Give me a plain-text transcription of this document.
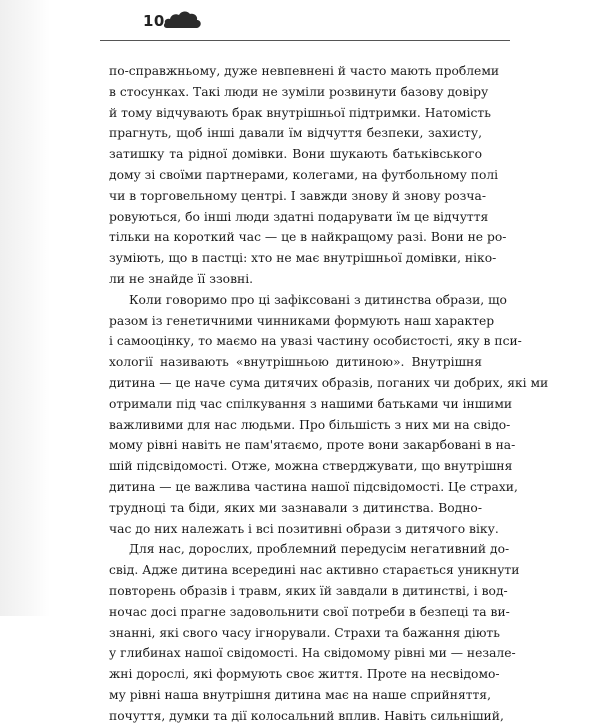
10

по-справжньому, дуже невпевнені й часто мають проблеми
в стосунках. Такі люди не зуміли розвинути базову довіру
й тому відчувають брак внутрішньої підтримки. Натомість
прагнуть, щоб інші давали їм відчуття безпеки, захисту,
затишку та рідної домівки. Вони шукають батьківського
дому зі своїми партнерами, колегами, на футбольному полі
чи в торговельному центрі. І завжди знову й знову розча-
ровуються, бо інші люди здатні подарувати їм це відчуття
тільки на короткий час — це в найкращому разі. Вони не ро-
зуміють, що в пастці: хто не має внутрішньої домівки, ніко-
ли не знайде її ззовні.

Коли говоримо про ці зафіксовані з дитинства образи, що
разом із генетичними чинниками формують наш характер
і самооцінку, то маємо на увазі частину особистості, яку в пси-
хології називають «внутрішньою дитиною». Внутрішня
дитина — це наче сума дитячих образів, поганих чи добрих, які ми
отримали під час спілкування з нашими батьками чи іншими
важливими для нас людьми. Про більшість з них ми на свідо-
мому рівні навіть не пам'ятаємо, проте вони закарбовані в на-
шій підсвідомості. Отже, можна стверджувати, що внутрішня
дитина — це важлива частина нашої підсвідомості. Це страхи,
трудноці та біди, яких ми зазнавали з дитинства. Водно-
час до них належать і всі позитивні образи з дитячого віку.

Для нас, дорослих, проблемний передусім негативний до-
свід. Адже дитина всередині нас активно старається уникнути
повторень образів і травм, яких їй завдали в дитинстві, і вод-
ночас досі прагне задовольнити свої потреби в безпеці та ви-
знанні, які свого часу ігнорували. Страхи та бажання діють
у глибинах нашої свідомості. На свідомому рівні ми — незале-
жні дорослі, які формують своє життя. Проте на несвідомо-
му рівні наша внутрішня дитина має на наше сприйняття,
почуття, думки та дії колосальний вплив. Навіть сильніший,
